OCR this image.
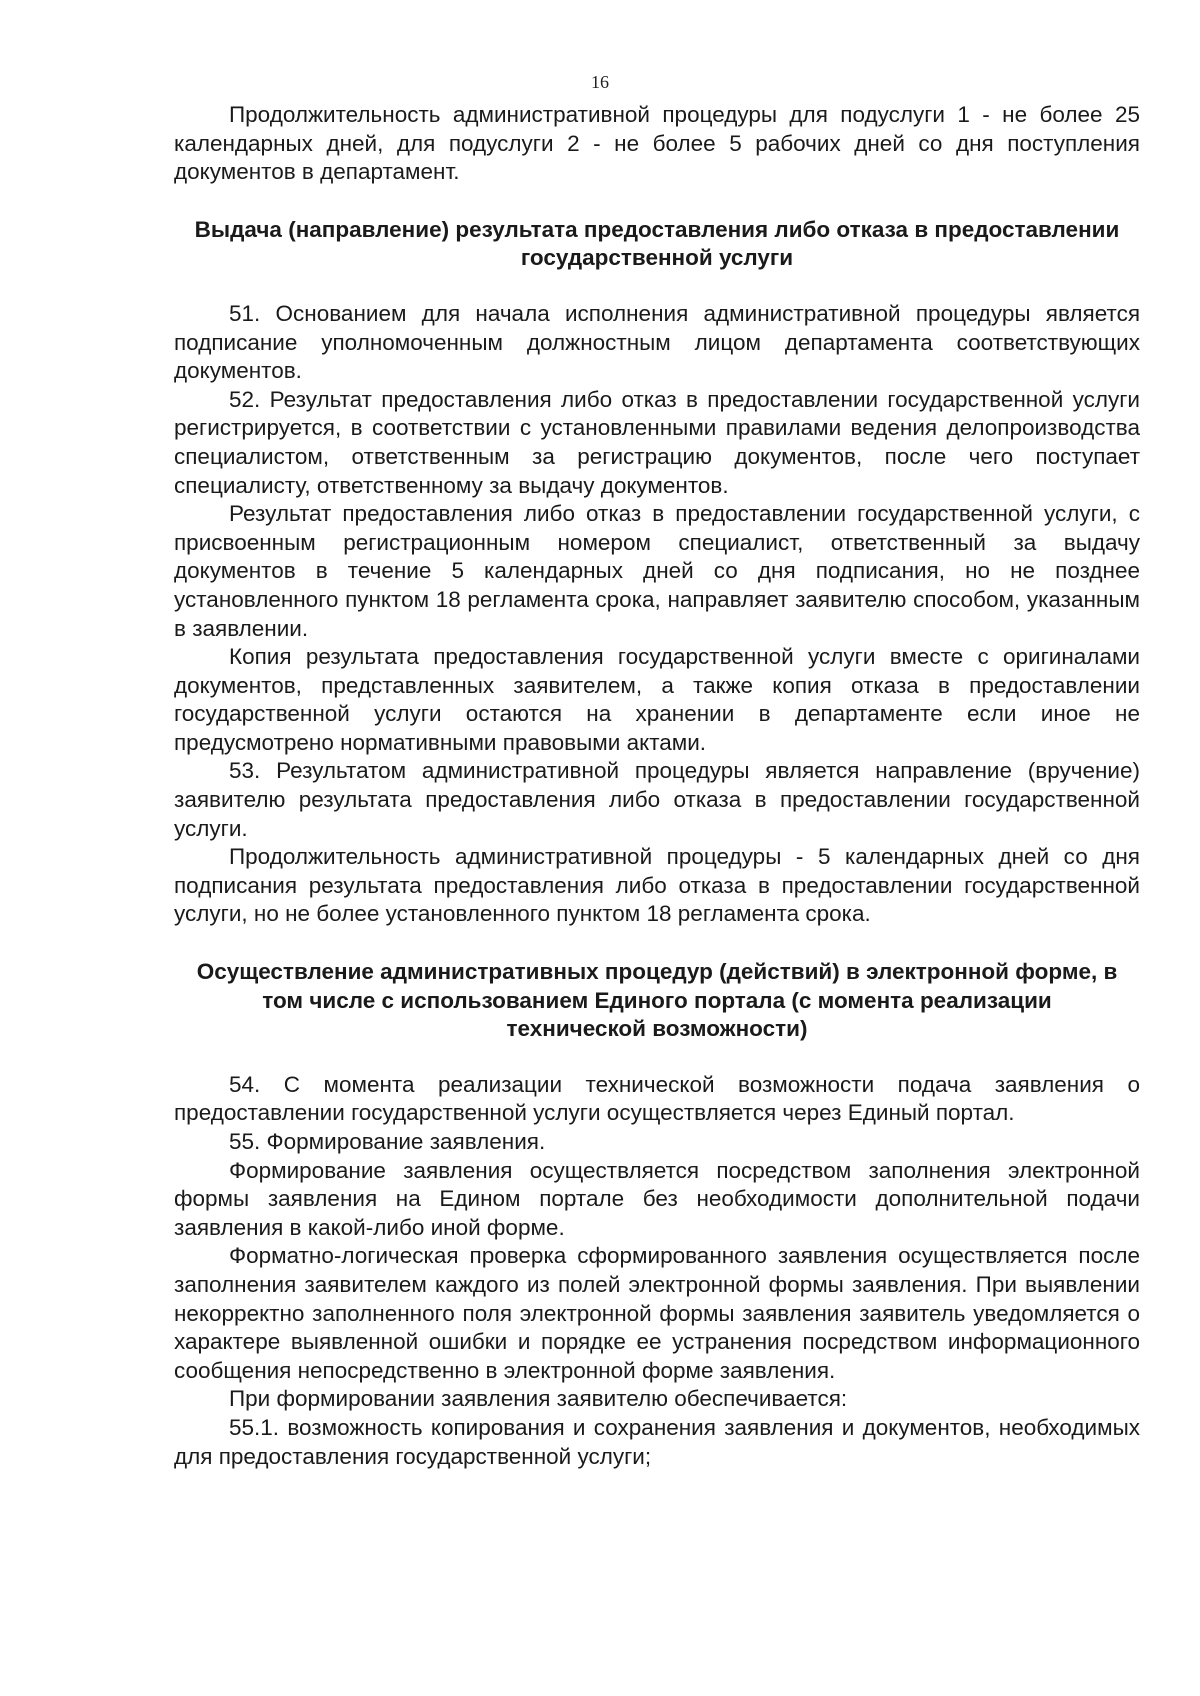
16

Продолжительность административной процедуры для подуслуги 1 - не более 25 календарных дней, для подуслуги 2 - не более 5 рабочих дней со дня поступления документов в департамент.

Выдача (направление) результата предоставления либо отказа в предоставлении государственной услуги

51. Основанием для начала исполнения административной процедуры является подписание уполномоченным должностным лицом департамента соответствующих документов.

52. Результат предоставления либо отказ в предоставлении государственной услуги регистрируется, в соответствии с установленными правилами ведения делопроизводства специалистом, ответственным за регистрацию документов, после чего поступает специалисту, ответственному за выдачу документов.

Результат предоставления либо отказ в предоставлении государственной услуги, с присвоенным регистрационным номером специалист, ответственный за выдачу документов в течение 5 календарных дней со дня подписания, но не позднее установленного пунктом 18 регламента срока, направляет заявителю способом, указанным в заявлении.

Копия результата предоставления государственной услуги вместе с оригиналами документов, представленных заявителем, а также копия отказа в предоставлении государственной услуги остаются на хранении в департаменте если иное не предусмотрено нормативными правовыми актами.

53. Результатом административной процедуры является направление (вручение) заявителю результата предоставления либо отказа в предоставлении государственной услуги.

Продолжительность административной процедуры - 5 календарных дней со дня подписания результата предоставления либо отказа в предоставлении государственной услуги, но не более установленного пунктом 18 регламента срока.

Осуществление административных процедур (действий) в электронной форме, в том числе с использованием Единого портала (с момента реализации технической возможности)

54. С момента реализации технической возможности подача заявления о предоставлении государственной услуги осуществляется через Единый портал.

55. Формирование заявления.

Формирование заявления осуществляется посредством заполнения электронной формы заявления на Едином портале без необходимости дополнительной подачи заявления в какой-либо иной форме.

Форматно-логическая проверка сформированного заявления осуществляется после заполнения заявителем каждого из полей электронной формы заявления. При выявлении некорректно заполненного поля электронной формы заявления заявитель уведомляется о характере выявленной ошибки и порядке ее устранения посредством информационного сообщения непосредственно в электронной форме заявления.

При формировании заявления заявителю обеспечивается:

55.1. возможность копирования и сохранения заявления и документов, необходимых для предоставления государственной услуги;
